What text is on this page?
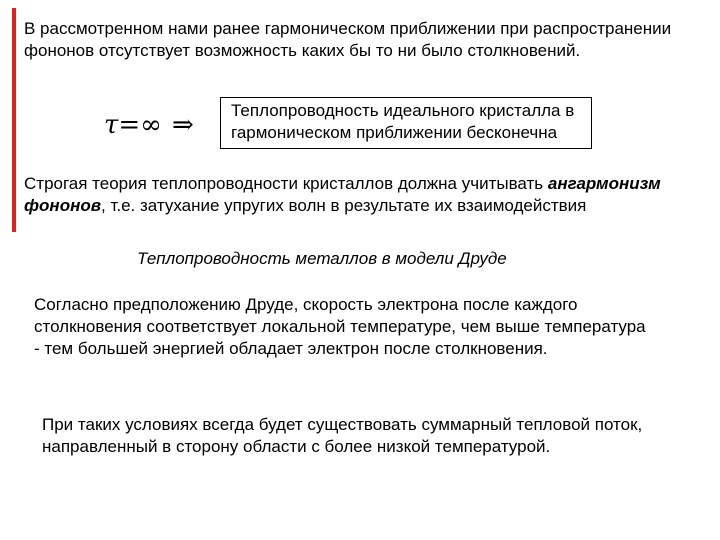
В рассмотренном нами ранее гармоническом приближении при распространении
фононов отсутствует возможность каких бы то ни было столкновений.
τ=∞ ⇒ Теплопроводность идеального кристалла в
гармоническом приближении бесконечна
Строгая теория теплопроводности кристаллов должна учитывать ангармонизм
фононов, т.е. затухание упругих волн в результате их взаимодействия
Теплопроводность металлов в модели Друде
Согласно предположению Друде, скорость электрона после каждого
столкновения соответствует локальной температуре, чем выше температура
- тем большей энергией обладает электрон после столкновения.
При таких условиях всегда будет существовать суммарный тепловой поток,
направленный в сторону области с более низкой температурой.
